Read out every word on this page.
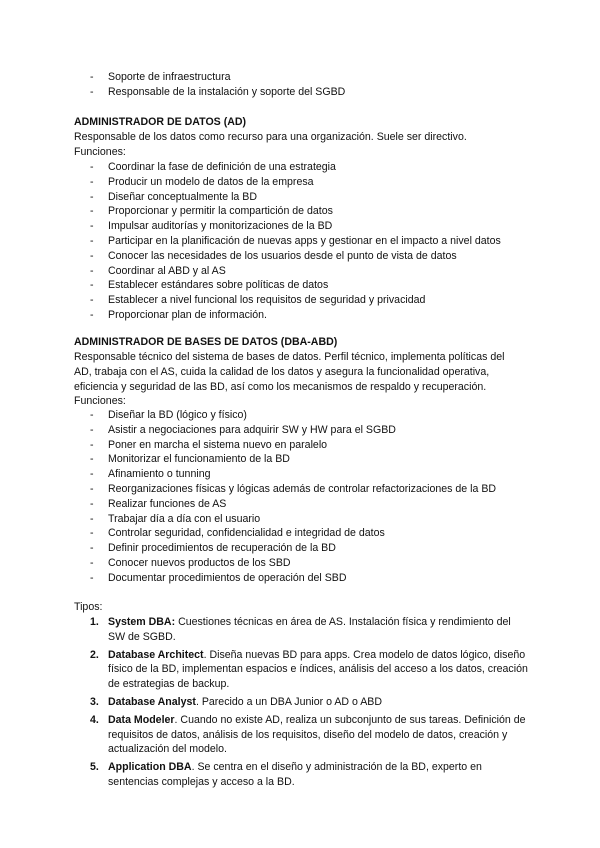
- Soporte de infraestructura
- Responsable de la instalación y soporte del SGBD
ADMINISTRADOR DE DATOS (AD)
Responsable de los datos como recurso para una organización. Suele ser directivo.
Funciones:
- Coordinar la fase de definición de una estrategia
- Producir un modelo de datos de la empresa
- Diseñar conceptualmente la BD
- Proporcionar y permitir la compartición de datos
- Impulsar auditorías y monitorizaciones de la BD
- Participar en la planificación de nuevas apps y gestionar en el impacto a nivel datos
- Conocer las necesidades de los usuarios desde el punto de vista de datos
- Coordinar al ABD y al AS
- Establecer estándares sobre políticas de datos
- Establecer a nivel funcional los requisitos de seguridad y privacidad
- Proporcionar plan de información.
ADMINISTRADOR DE BASES DE DATOS (DBA-ABD)
Responsable técnico del sistema de bases de datos. Perfil técnico, implementa políticas del
AD, trabaja con el AS, cuida la calidad de los datos y asegura la funcionalidad operativa,
eficiencia y seguridad de las BD, así como los mecanismos de respaldo y recuperación.
Funciones:
- Diseñar la BD (lógico y físico)
- Asistir a negociaciones para adquirir SW y HW para el SGBD
- Poner en marcha el sistema nuevo en paralelo
- Monitorizar el funcionamiento de la BD
- Afinamiento o tunning
- Reorganizaciones físicas y lógicas además de controlar refactorizaciones de la BD
- Realizar funciones de AS
- Trabajar día a día con el usuario
- Controlar seguridad, confidencialidad e integridad de datos
- Definir procedimientos de recuperación de la BD
- Conocer nuevos productos de los SBD
- Documentar procedimientos de operación del SBD
Tipos:
1. System DBA: Cuestiones técnicas en área de AS. Instalación física y rendimiento del SW de SGBD.
2. Database Architect. Diseña nuevas BD para apps. Crea modelo de datos lógico, diseño físico de la BD, implementan espacios e índices, análisis del acceso a los datos, creación de estrategias de backup.
3. Database Analyst. Parecido a un DBA Junior o AD o ABD
4. Data Modeler. Cuando no existe AD, realiza un subconjunto de sus tareas. Definición de requisitos de datos, análisis de los requisitos, diseño del modelo de datos, creación y actualización del modelo.
5. Application DBA. Se centra en el diseño y administración de la BD, experto en sentencias complejas y acceso a la BD.
